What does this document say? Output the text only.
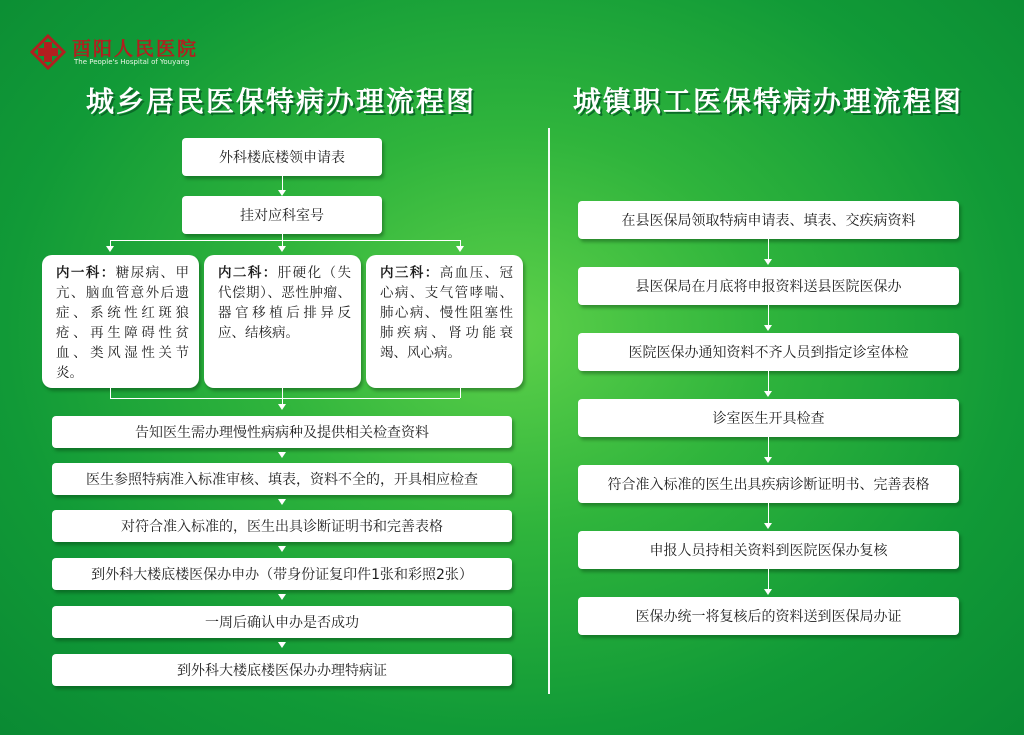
酉阳人民医院
The People's Hospital of Youyang
城乡居民医保特病办理流程图	城镇职工医保特病办理流程图
外科楼底楼领申请表
挂对应科室号
内一科：糖尿病、甲亢、脑血管意外后遗症、系统性红斑狼疮、再生障碍性贫血、类风湿性关节炎。
内二科：肝硬化（失代偿期）、恶性肿瘤、器官移植后排异反应、结核病。
内三科：高血压、冠心病、支气管哮喘、肺心病、慢性阻塞性肺疾病、肾功能衰竭、风心病。
告知医生需办理慢性病病种及提供相关检查资料
医生参照特病准入标准审核、填表，资料不全的，开具相应检查
对符合准入标准的，医生出具诊断证明书和完善表格
到外科大楼底楼医保办申办（带身份证复印件1张和彩照2张）
一周后确认申办是否成功
到外科大楼底楼医保办办理特病证
在县医保局领取特病申请表、填表、交疾病资料
县医保局在月底将申报资料送县医院医保办
医院医保办通知资料不齐人员到指定诊室体检
诊室医生开具检查
符合准入标准的医生出具疾病诊断证明书、完善表格
申报人员持相关资料到医院医保办复核
医保办统一将复核后的资料送到医保局办证
